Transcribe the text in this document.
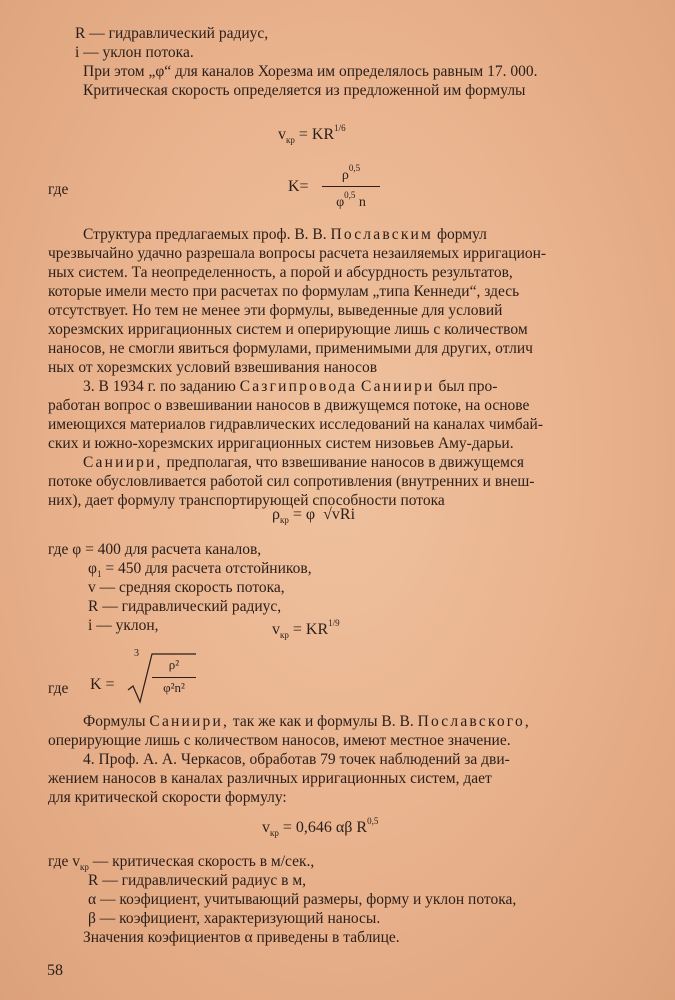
R — гидравлический радиус,
i — уклон потока.
При этом „φ“ для каналов Хорезма им определялось равным 17. 000.
Критическая скорость определяется из предложенной им формулы
$v_{кр} = KR^{1/6}$
где	K=
$\rho^{0,5}$
$\varphi^{0,5}$ n
Структура предлагаемых проф. В. В. Пославским формул
чрезвычайно удачно разрешала вопросы расчета незаиляемых ирригацион-
ных систем. Та неопределенность, а порой и абсурдность результатов,
которые имели место при расчетах по формулам „типа Кеннеди“, здесь
отсутствует. Но тем не менее эти формулы, выведенные для условий
хорезмских ирригационных систем и оперирующие лишь с количеством
наносов, не смогли явиться формулами, применимыми для других, отлич
ных от хорезмских условий взвешивания наносов
3. В 1934 г. по заданию Сазгипровода Саниири был про-
работан вопрос о взвешивании наносов в движущемся потоке, на основе
имеющихся материалов гидравлических исследований на каналах чимбай-
ских и южно-хорезмских ирригационных систем низовьев Аму-дарьи.
Саниири, предполагая, что взвешивание наносов в движущемся
потоке обусловливается работой сил сопротивления (внутренних и внеш-
них), дает формулу транспортирующей способности потока
$\rho_{кр} = \varphi$ √vRi
где φ = 400 для расчета каналов,
$\varphi_1 = 450$ для расчета отстойников,
v — средняя скорость потока,
R — гидравлический радиус,
i — уклон,	$v_{кр} = KR^{1/9}$
где K =
3
ρ²
φ²n²
Формулы Саниири, так же как и формулы В. В. Пославского,
оперирующие лишь с количеством наносов, имеют местное значение.
4. Проф. А. А. Черкасов, обработав 79 точек наблюдений за дви-
жением наносов в каналах различных ирригационных систем, дает
для критической скорости формулу:
$v_{кр} = 0,646$ αβ R$^{0,5}$
где $v_{кр}$ — критическая скорость в м/сек.,
R — гидравлический радиус в м,
α — коэфициент, учитывающий размеры, форму и уклон потока,
β — коэфициент, характеризующий наносы.
Значения коэфициентов α приведены в таблице.
58
